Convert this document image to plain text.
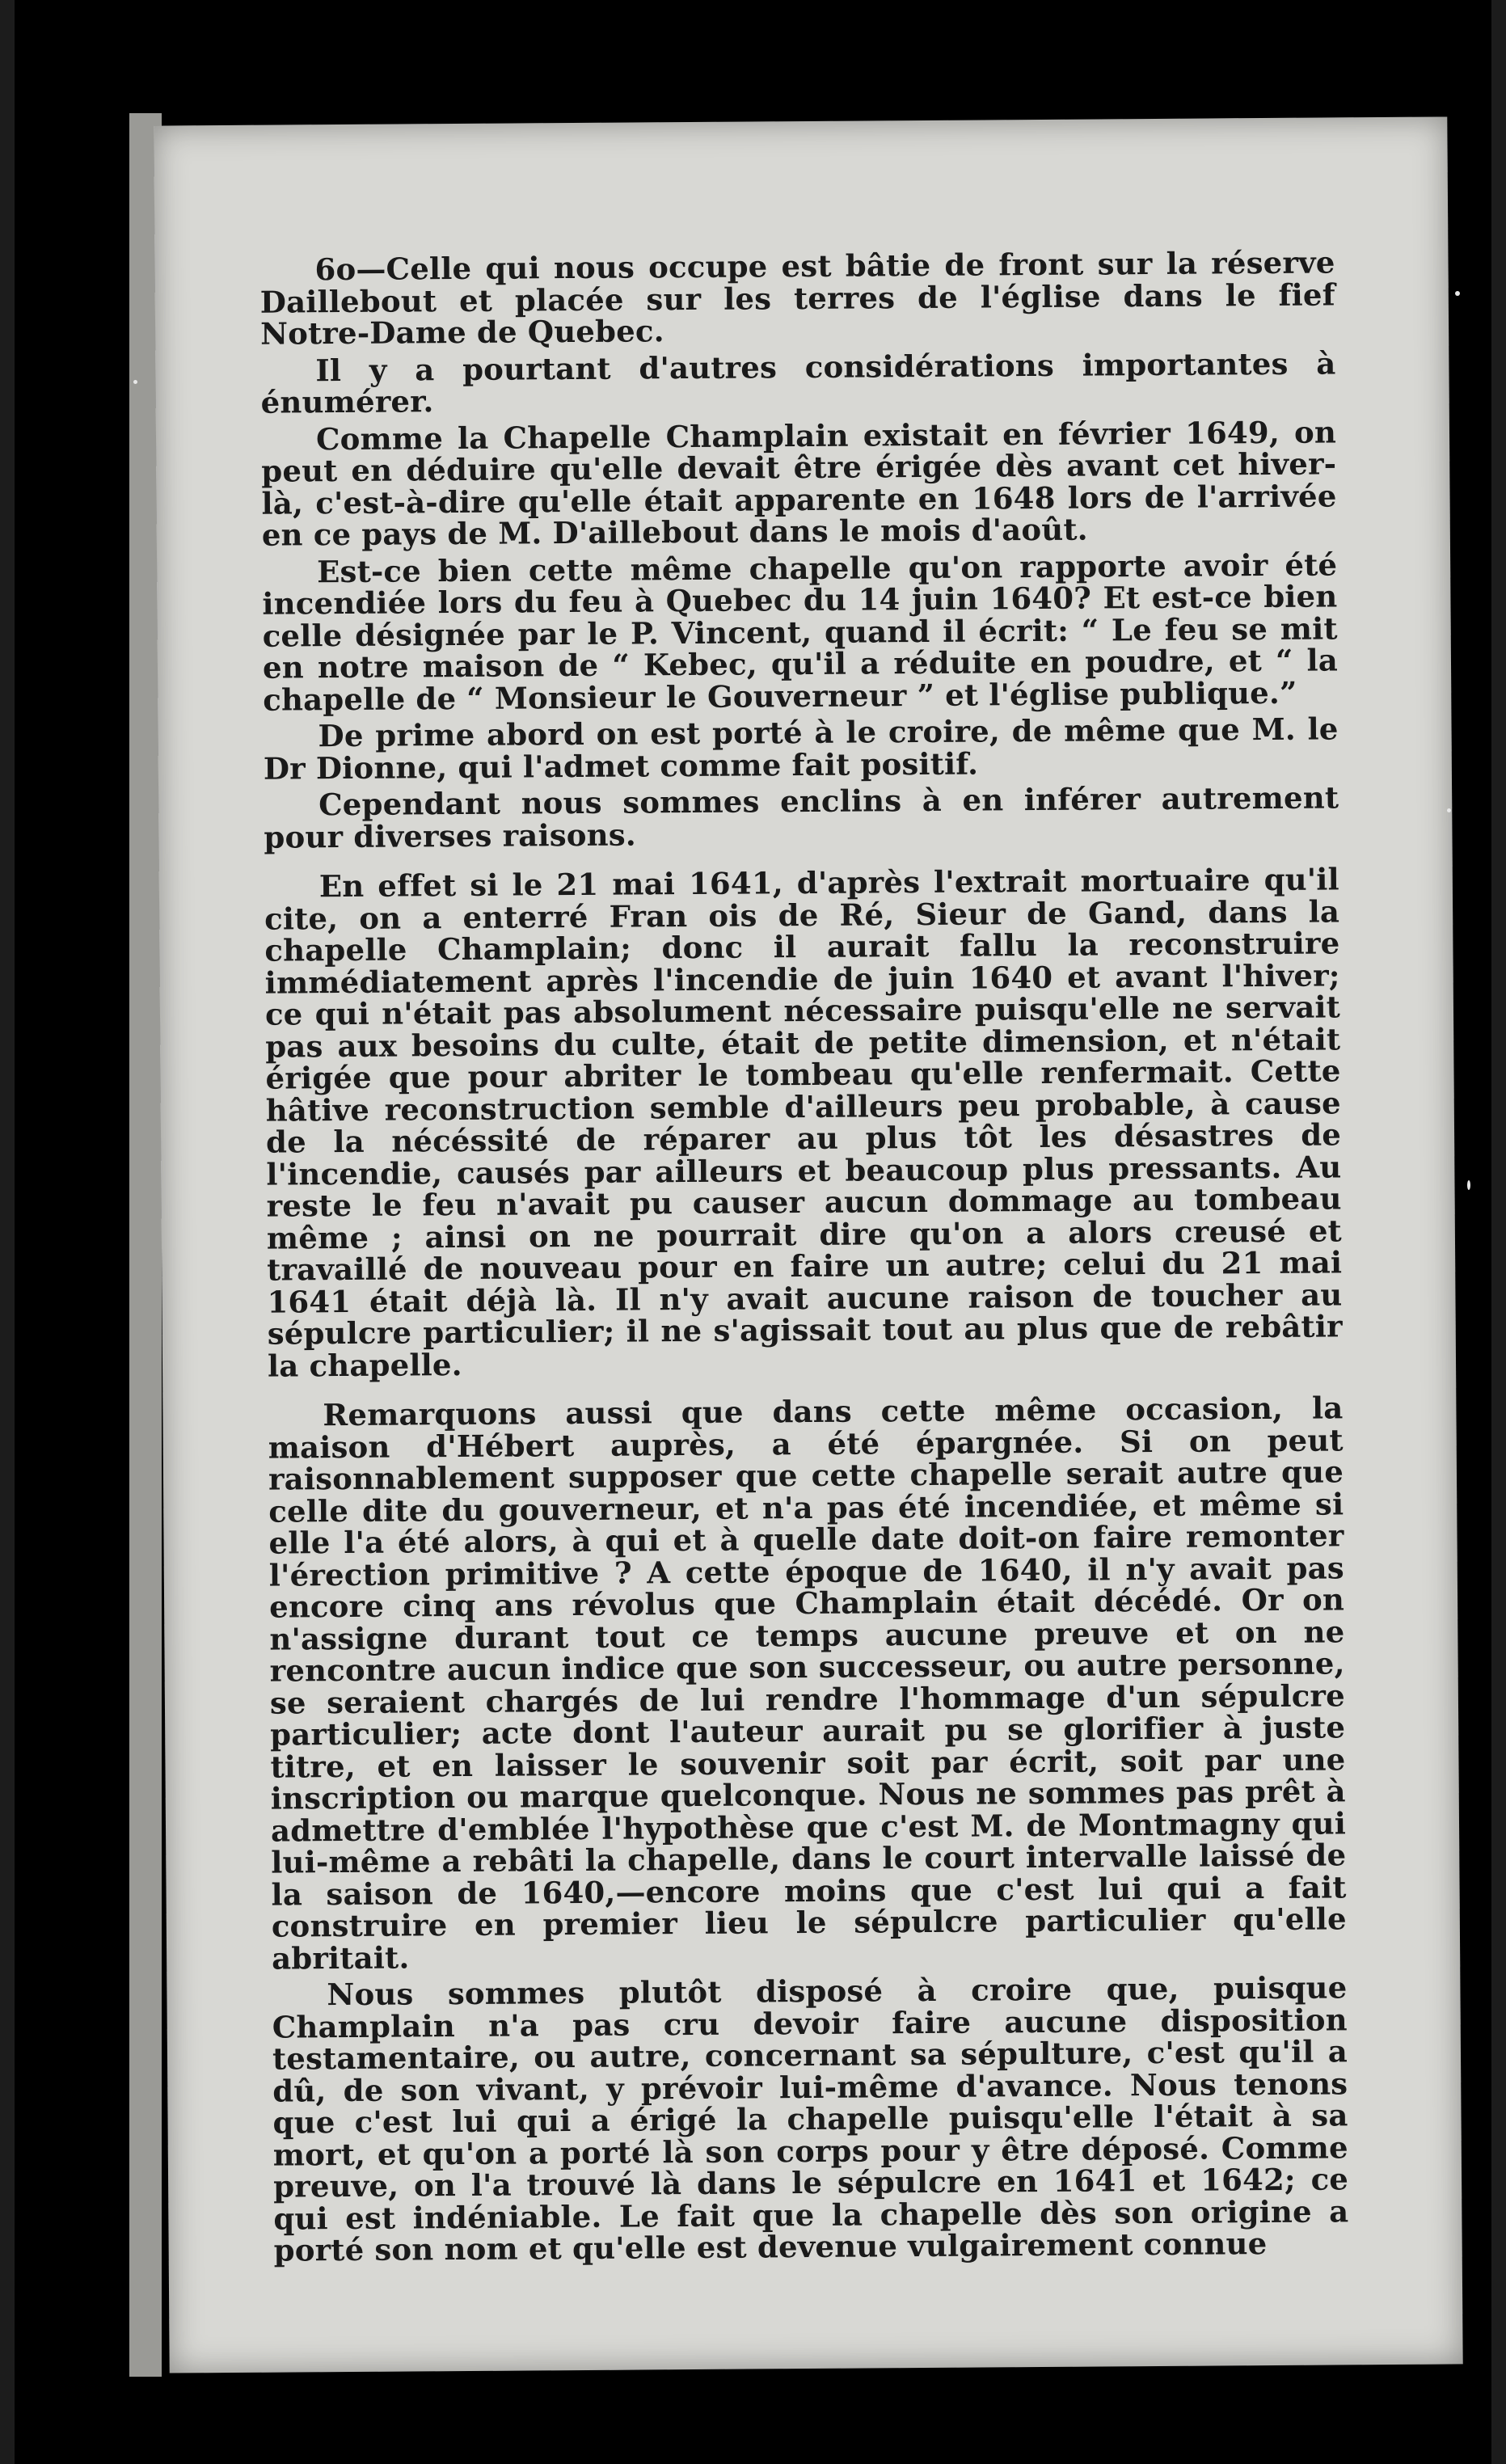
6o—Celle qui nous occupe est bâtie de front sur la réserve Daillebout et placée sur les terres de l'église dans le fief Notre-Dame de Quebec.

Il y a pourtant d'autres considérations importantes à énumérer.

Comme la Chapelle Champlain existait en février 1649, on peut en déduire qu'elle devait être érigée dès avant cet hiver-là, c'est-à-dire qu'elle était apparente en 1648 lors de l'arrivée en ce pays de M. D'aillebout dans le mois d'août.

Est-ce bien cette même chapelle qu'on rapporte avoir été incendiée lors du feu à Quebec du 14 juin 1640? Et est-ce bien celle désignée par le P. Vincent, quand il écrit: “ Le feu se mit en notre maison de “ Kebec, qu'il a réduite en poudre, et “ la chapelle de “ Monsieur le Gouverneur ” et l'église publique.”

De prime abord on est porté à le croire, de même que M. le Dr Dionne, qui l'admet comme fait positif.

Cependant nous sommes enclins à en inférer autrement pour diverses raisons.

En effet si le 21 mai 1641, d'après l'extrait mortuaire qu'il cite, on a enterré Fran ois de Ré, Sieur de Gand, dans la chapelle Champlain; donc il aurait fallu la reconstruire immédiatement après l'incendie de juin 1640 et avant l'hiver; ce qui n'était pas absolument nécessaire puisqu'elle ne servait pas aux besoins du culte, était de petite dimension, et n'était érigée que pour abriter le tombeau qu'elle renfermait. Cette hâtive reconstruction semble d'ailleurs peu probable, à cause de la nécéssité de réparer au plus tôt les désastres de l'incendie, causés par ailleurs et beaucoup plus pressants. Au reste le feu n'avait pu causer aucun dommage au tombeau même ; ainsi on ne pourrait dire qu'on a alors creusé et travaillé de nouveau pour en faire un autre; celui du 21 mai 1641 était déjà là. Il n'y avait aucune raison de toucher au sépulcre particulier; il ne s'agissait tout au plus que de rebâtir la chapelle.

Remarquons aussi que dans cette même occasion, la maison d'Hébert auprès, a été épargnée. Si on peut raisonnablement supposer que cette chapelle serait autre que celle dite du gouverneur, et n'a pas été incendiée, et même si elle l'a été alors, à qui et à quelle date doit-on faire remonter l'érection primitive ? A cette époque de 1640, il n'y avait pas encore cinq ans révolus que Champlain était décédé. Or on n'assigne durant tout ce temps aucune preuve et on ne rencontre aucun indice que son successeur, ou autre personne, se seraient chargés de lui rendre l'hommage d'un sépulcre particulier; acte dont l'auteur aurait pu se glorifier à juste titre, et en laisser le souvenir soit par écrit, soit par une inscription ou marque quelconque. Nous ne sommes pas prêt à admettre d'emblée l'hypothèse que c'est M. de Montmagny qui lui-même a rebâti la chapelle, dans le court intervalle laissé de la saison de 1640,—encore moins que c'est lui qui a fait construire en premier lieu le sépulcre particulier qu'elle abritait.

Nous sommes plutôt disposé à croire que, puisque Champlain n'a pas cru devoir faire aucune disposition testamentaire, ou autre, concernant sa sépulture, c'est qu'il a dû, de son vivant, y prévoir lui-même d'avance. Nous tenons que c'est lui qui a érigé la chapelle puisqu'elle l'était à sa mort, et qu'on a porté là son corps pour y être déposé. Comme preuve, on l'a trouvé là dans le sépulcre en 1641 et 1642; ce qui est indéniable. Le fait que la chapelle dès son origine a porté son nom et qu'elle est devenue vulgairement connue
